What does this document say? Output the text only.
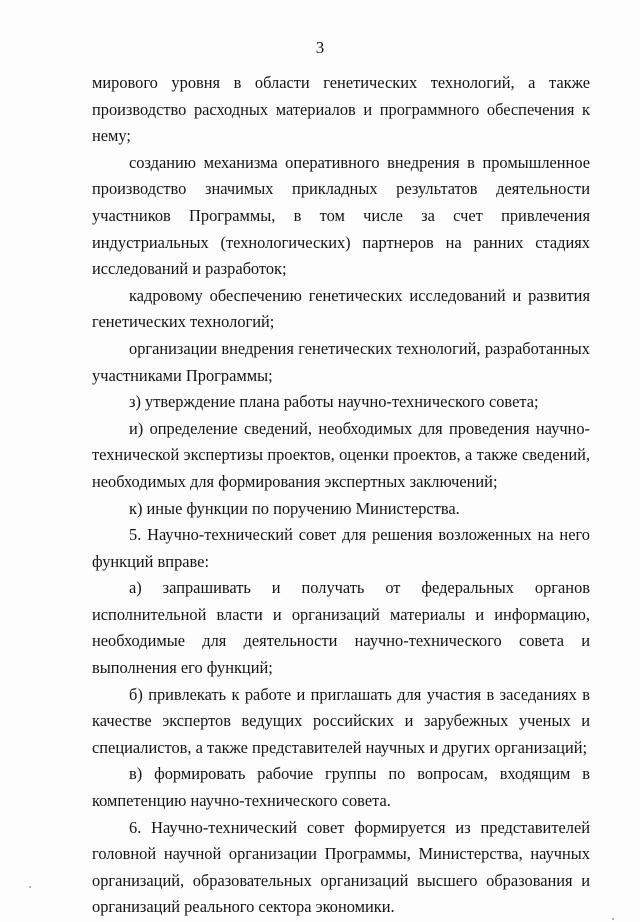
3

мирового уровня в области генетических технологий, а также производство расходных материалов и программного обеспечения к нему;

созданию механизма оперативного внедрения в промышленное производство значимых прикладных результатов деятельности участников Программы, в том числе за счет привлечения индустриальных (технологических) партнеров на ранних стадиях исследований и разработок;

кадровому обеспечению генетических исследований и развития генетических технологий;

организации внедрения генетических технологий, разработанных участниками Программы;

з) утверждение плана работы научно-технического совета;

и) определение сведений, необходимых для проведения научно-технической экспертизы проектов, оценки проектов, а также сведений, необходимых для формирования экспертных заключений;

к) иные функции по поручению Министерства.

5. Научно-технический совет для решения возложенных на него функций вправе:

а) запрашивать и получать от федеральных органов исполнительной власти и организаций материалы и информацию, необходимые для деятельности научно-технического совета и выполнения его функций;

б) привлекать к работе и приглашать для участия в заседаниях в качестве экспертов ведущих российских и зарубежных ученых и специалистов, а также представителей научных и других организаций;

в) формировать рабочие группы по вопросам, входящим в компетенцию научно-технического совета.

6. Научно-технический совет формируется из представителей головной научной организации Программы, Министерства, научных организаций, образовательных организаций высшего образования и организаций реального сектора экономики.
